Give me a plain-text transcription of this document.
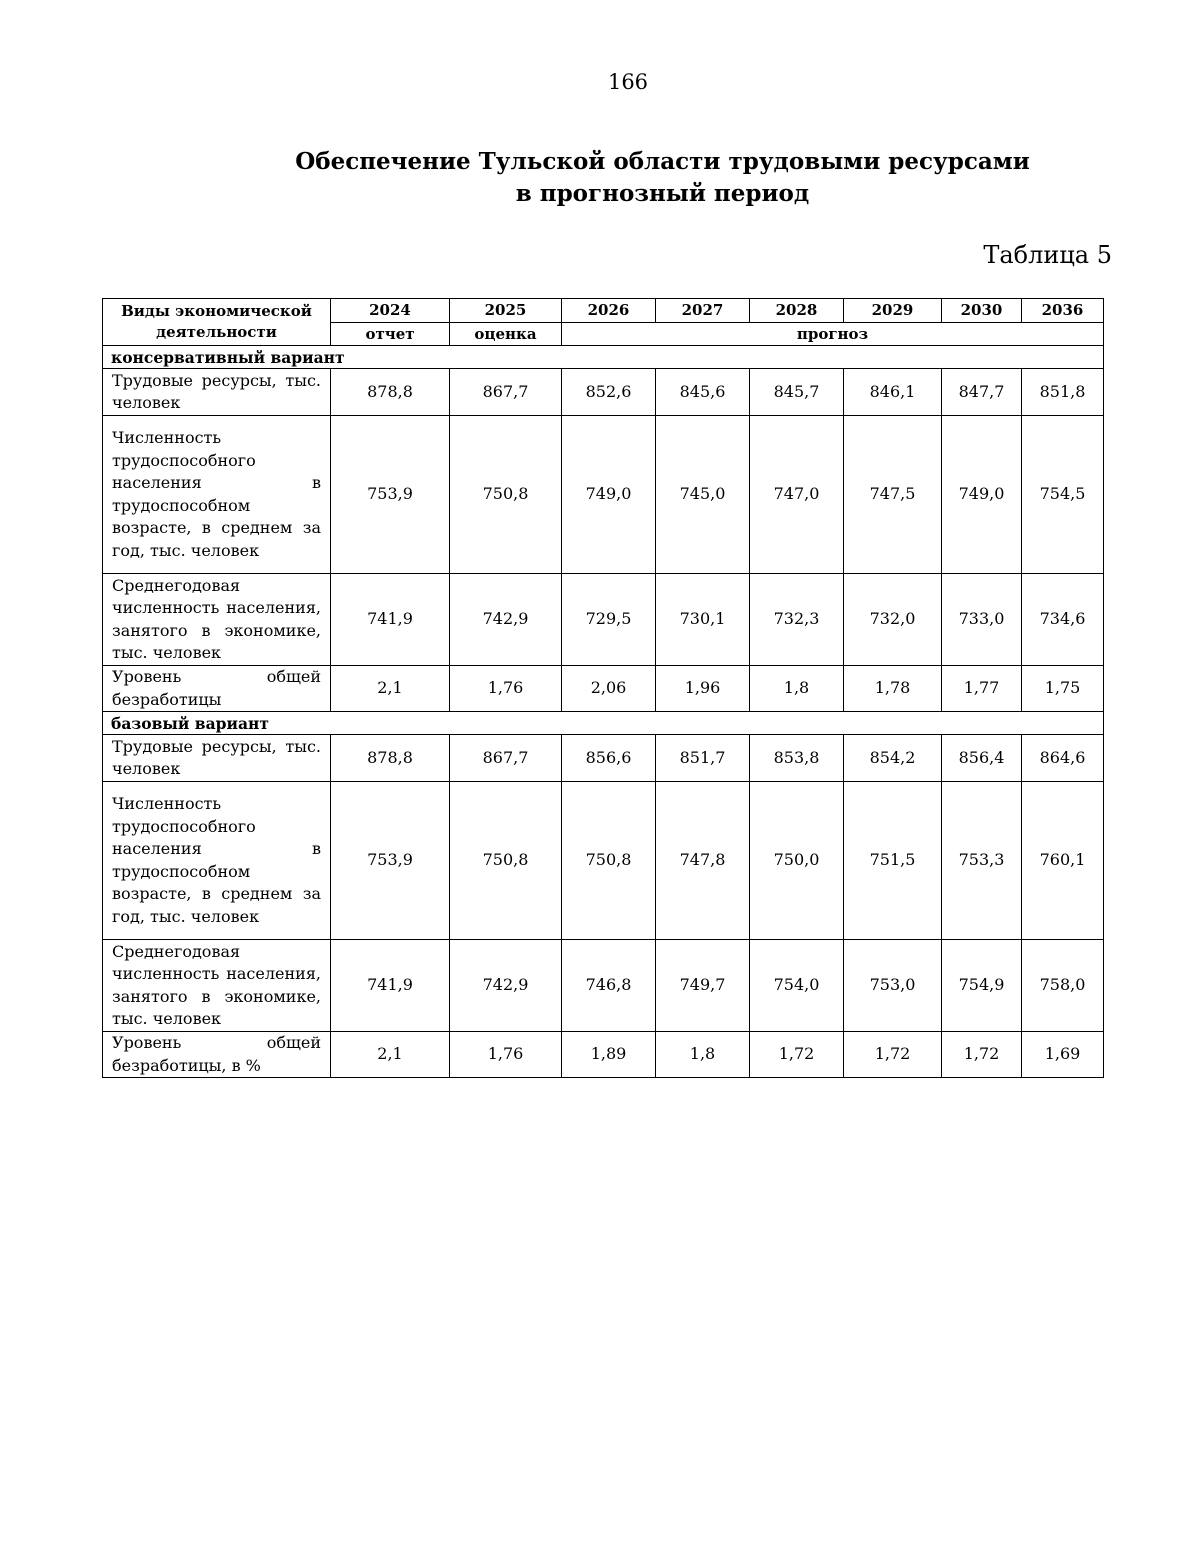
166
Обеспечение Тульской области трудовыми ресурсами
в прогнозный период
Таблица 5
Виды экономической деятельности	2024	2025	2026	2027	2028	2029	2030	2036
	отчет	оценка	прогноз					
консервативный вариант								
Трудовые ресурсы, тыс. человек	878,8	867,7	852,6	845,6	845,7	846,1	847,7	851,8
Численность трудоспособного населения в трудоспособном возрасте, в среднем за год, тыс. человек	753,9	750,8	749,0	745,0	747,0	747,5	749,0	754,5
Среднегодовая численность населения, занятого в экономике, тыс. человек	741,9	742,9	729,5	730,1	732,3	732,0	733,0	734,6
Уровень общей безработицы	2,1	1,76	2,06	1,96	1,8	1,78	1,77	1,75
базовый вариант								
Трудовые ресурсы, тыс. человек	878,8	867,7	856,6	851,7	853,8	854,2	856,4	864,6
Численность трудоспособного населения в трудоспособном возрасте, в среднем за год, тыс. человек	753,9	750,8	750,8	747,8	750,0	751,5	753,3	760,1
Среднегодовая численность населения, занятого в экономике, тыс. человек	741,9	742,9	746,8	749,7	754,0	753,0	754,9	758,0
Уровень общей безработицы, в %	2,1	1,76	1,89	1,8	1,72	1,72	1,72	1,69
